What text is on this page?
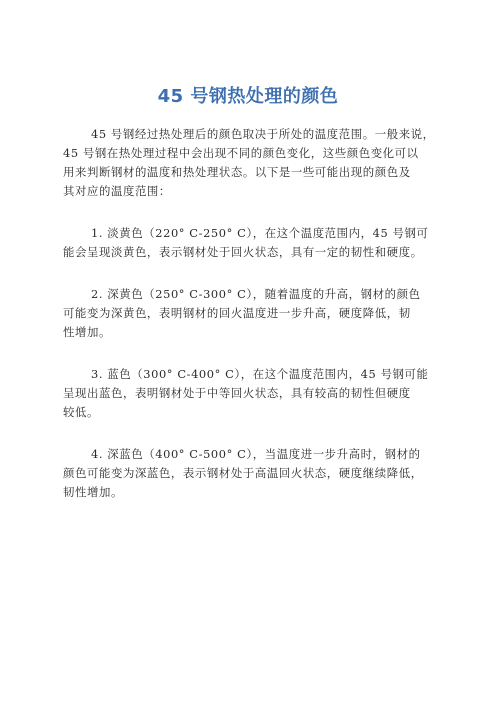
45 号钢热处理的颜色
45 号钢经过热处理后的颜色取决于所处的温度范围。一般来说，
45 号钢在热处理过程中会出现不同的颜色变化，这些颜色变化可以
用来判断钢材的温度和热处理状态。以下是一些可能出现的颜色及
其对应的温度范围：
1. 淡黄色（220° C-250° C），在这个温度范围内，45 号钢可
能会呈现淡黄色，表示钢材处于回火状态，具有一定的韧性和硬度。
2. 深黄色（250° C-300° C），随着温度的升高，钢材的颜色
可能变为深黄色，表明钢材的回火温度进一步升高，硬度降低，韧
性增加。
3. 蓝色（300° C-400° C），在这个温度范围内，45 号钢可能
呈现出蓝色，表明钢材处于中等回火状态，具有较高的韧性但硬度
较低。
4. 深蓝色（400° C-500° C），当温度进一步升高时，钢材的
颜色可能变为深蓝色，表示钢材处于高温回火状态，硬度继续降低，
韧性增加。
